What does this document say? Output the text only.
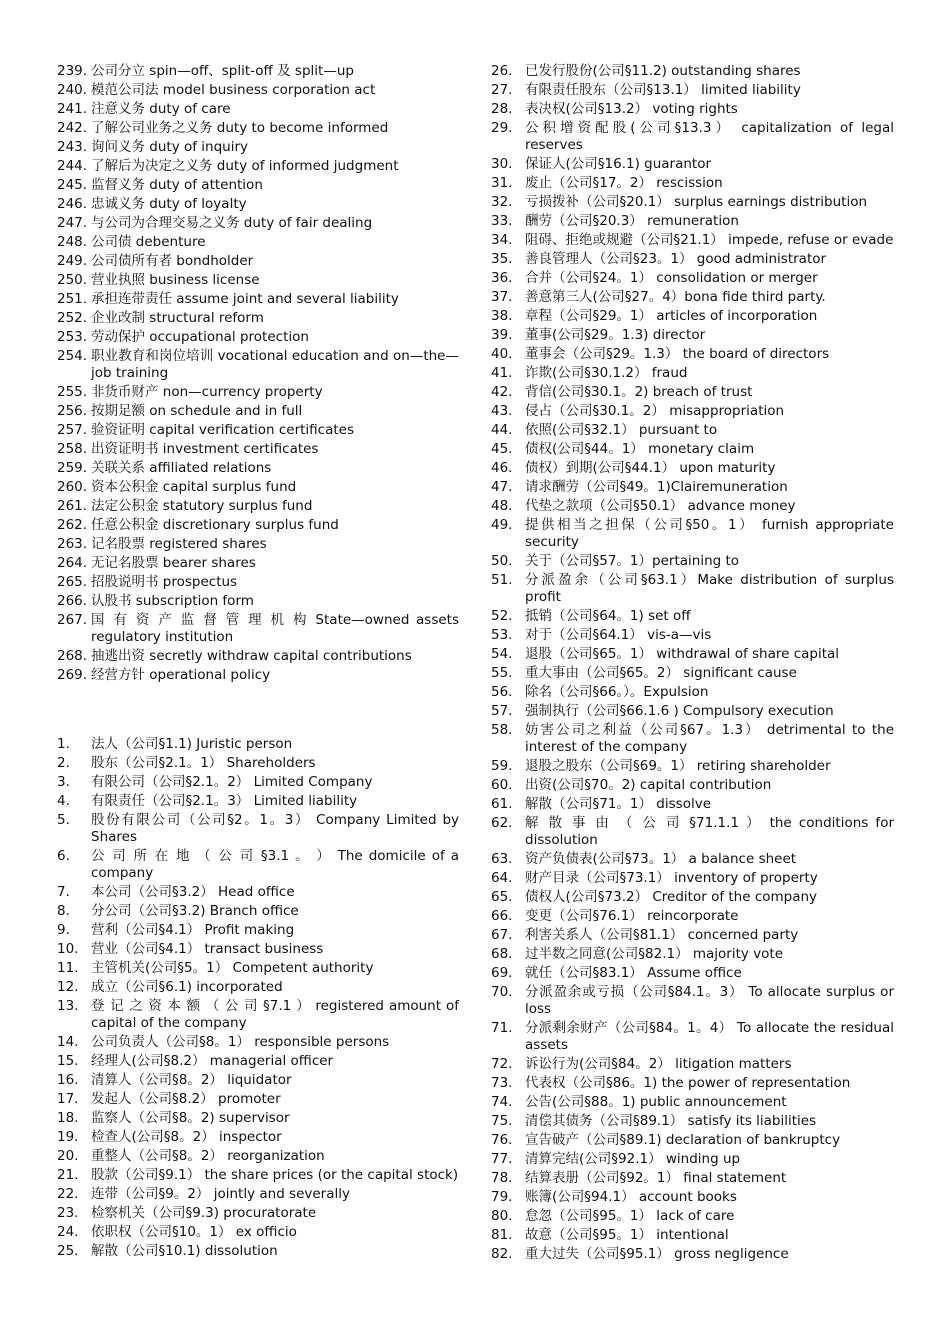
239. 公司分立 spin—off、split-off 及 split—up
240. 模范公司法 model business corporation act
241. 注意义务 duty of care
242. 了解公司业务之义务 duty to become informed
243. 询问义务 duty of inquiry
244. 了解后为决定之义务 duty of informed judgment
245. 监督义务 duty of attention
246. 忠诚义务 duty of loyalty
247. 与公司为合理交易之义务 duty of fair dealing
248. 公司债 debenture
249. 公司债所有者 bondholder
250. 营业执照 business license
251. 承担连带责任 assume joint and several liability
252. 企业改制 structural reform
253. 劳动保护 occupational protection
254. 职业教育和岗位培训 vocational education and on—the—job training
255. 非货币财产 non—currency property
256. 按期足额 on schedule and in full
257. 验资证明 capital verification certificates
258. 出资证明书 investment certificates
259. 关联关系 affiliated relations
260. 资本公积金 capital surplus fund
261. 法定公积金 statutory surplus fund
262. 任意公积金 discretionary surplus fund
263. 记名股票 registered shares
264. 无记名股票 bearer shares
265. 招股说明书 prospectus
266. 认股书 subscription form
267. 国 有 资 产 监 督 管 理 机 构 State—owned assets regulatory institution
268. 抽逃出资 secretly withdraw capital contributions
269. 经营方针 operational policy
1.	法人（公司§1.1) Juristic person
2.	股东（公司§2.1。1） Shareholders
3.	有限公司（公司§2.1。2） Limited Company
4.	有限责任（公司§2.1。3） Limited liability
5.	股份有限公司（公司§2。1。3） Company Limited by Shares
6.	公 司 所 在 地 （ 公 司 §3.1 。 ） The domicile of a company
7.	本公司（公司§3.2） Head office
8.	分公司（公司§3.2) Branch office
9.	营利（公司§4.1） Profit making
10. 营业（公司§4.1） transact business
11. 主管机关(公司§5。1） Competent authority
12. 成立（公司§6.1) incorporated
13. 登 记 之 资 本 额 （ 公 司 §7.1 ） registered amount of capital of the company
14. 公司负责人（公司§8。1） responsible persons
15. 经理人(公司§8.2） managerial officer
16. 清算人（公司§8。2） liquidator
17. 发起人（公司§8.2） promoter
18. 监察人（公司§8。2) supervisor
19. 检查人(公司§8。2） inspector
20. 重整人（公司§8。2） reorganization
21. 股款（公司§9.1） the share prices (or the capital stock)
22. 连带（公司§9。2） jointly and severally
23. 检察机关（公司§9.3) procuratorate
24. 依职权（公司§10。1） ex officio
25. 解散（公司§10.1) dissolution
26. 已发行股份(公司§11.2) outstanding shares
27. 有限责任股东（公司§13.1） limited liability
28. 表决权(公司§13.2） voting rights
29. 公积增资配股(公司§13.3） capitalization of legal reserves
30. 保证人(公司§16.1) guarantor
31. 废止（公司§17。2） rescission
32. 亏损拨补（公司§20.1） surplus earnings distribution
33. 酬劳（公司§20.3） remuneration
34. 阻碍、拒绝或规避（公司§21.1） impede, refuse or evade
35. 善良管理人（公司§23。1） good administrator
36. 合并（公司§24。1） consolidation or merger
37. 善意第三人(公司§27。4）bona fide third party.
38. 章程（公司§29。1） articles of incorporation
39. 董事(公司§29。1.3) director
40. 董事会（公司§29。1.3） the board of directors
41. 诈欺(公司§30.1.2） fraud
42. 背信(公司§30.1。2) breach of trust
43. 侵占（公司§30.1。2） misappropriation
44. 依照(公司§32.1） pursuant to
45. 债权(公司§44。1） monetary claim
46. 债权）到期(公司§44.1） upon maturity
47. 请求酬劳（公司§49。1)Clairemuneration
48. 代垫之款项（公司§50.1） advance money
49. 提供相当之担保（公司§50。1） furnish appropriate security
50. 关于（公司§57。1）pertaining to
51. 分派盈余（公司§63.1）Make distribution of surplus profit
52. 抵销（公司§64。1) set off
53. 对于（公司§64.1） vis-a—vis
54. 退股（公司§65。1） withdrawal of share capital
55. 重大事由（公司§65。2） significant cause
56. 除名（公司§66。）。Expulsion
57. 强制执行（公司§66.1.6 ) Compulsory execution
58. 妨害公司之利益（公司§67。1.3） detrimental to the interest of the company
59. 退股之股东（公司§69。1） retiring shareholder
60. 出资(公司§70。2) capital contribution
61. 解散（公司§71。1） dissolve
62. 解 散 事 由 （ 公 司 §71.1.1 ） the conditions for dissolution
63. 资产负债表(公司§73。1） a balance sheet
64. 财产目录（公司§73.1） inventory of property
65. 债权人(公司§73.2） Creditor of the company
66. 变更（公司§76.1） reincorporate
67. 利害关系人（公司§81.1） concerned party
68. 过半数之同意(公司§82.1） majority vote
69. 就任（公司§83.1） Assume office
70. 分派盈余或亏损（公司§84.1。3） To allocate surplus or loss
71. 分派剩余财产（公司§84。1。4） To allocate the residual assets
72. 诉讼行为(公司§84。2） litigation matters
73. 代表权（公司§86。1) the power of representation
74. 公告(公司§88。1) public announcement
75. 清偿其债务（公司§89.1） satisfy its liabilities
76. 宣告破产（公司§89.1) declaration of bankruptcy
77. 清算完结(公司§92.1） winding up
78. 结算表册（公司§92。1） final statement
79. 账簿(公司§94.1） account books
80. 怠忽（公司§95。1） lack of care
81. 故意（公司§95。1） intentional
82. 重大过失（公司§95.1） gross negligence
